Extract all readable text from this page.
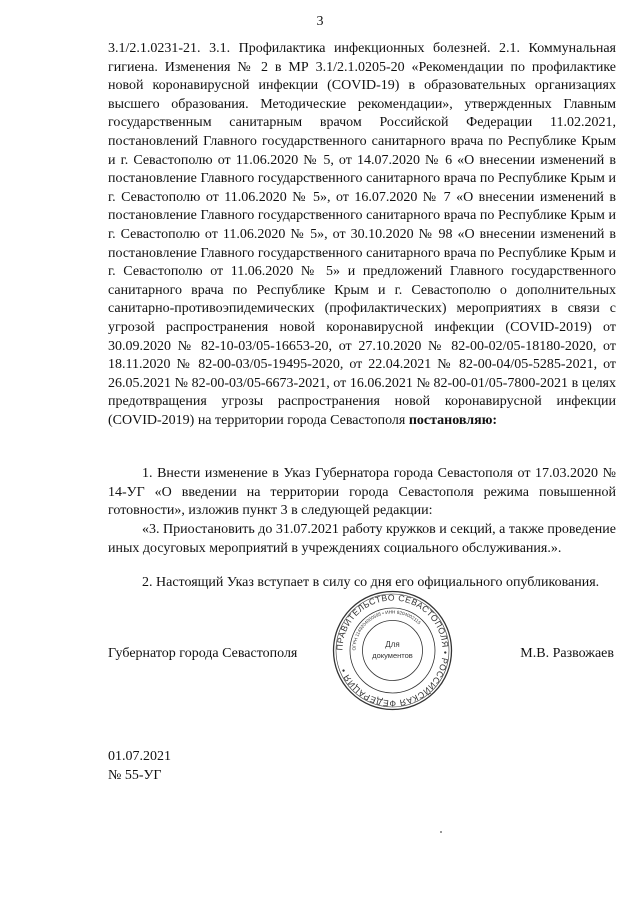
3
3.1/2.1.0231-21. 3.1. Профилактика инфекционных болезней. 2.1. Коммунальная гигиена. Изменения № 2 в МР 3.1/2.1.0205-20 «Рекомендации по профилактике новой коронавирусной инфекции (COVID-19) в образовательных организациях высшего образования. Методические рекомендации», утвержденных Главным государственным санитарным врачом Российской Федерации 11.02.2021, постановлений Главного государственного санитарного врача по Республике Крым и г. Севастополю от 11.06.2020 № 5, от 14.07.2020 № 6 «О внесении изменений в постановление Главного государственного санитарного врача по Республике Крым и г. Севастополю от 11.06.2020 № 5», от 16.07.2020 № 7 «О внесении изменений в постановление Главного государственного санитарного врача по Республике Крым и г. Севастополю от 11.06.2020 № 5», от 30.10.2020 № 98 «О внесении изменений в постановление Главного государственного санитарного врача по Республике Крым и г. Севастополю от 11.06.2020 № 5» и предложений Главного государственного санитарного врача по Республике Крым и г. Севастополю о дополнительных санитарно-противоэпидемических (профилактических) мероприятиях в связи с угрозой распространения новой коронавирусной инфекции (COVID-2019) от 30.09.2020 № 82-10-03/05-16653-20, от 27.10.2020 № 82-00-02/05-18180-2020, от 18.11.2020 № 82-00-03/05-19495-2020, от 22.04.2021 № 82-00-04/05-5285-2021, от 26.05.2021 № 82-00-03/05-6673-2021, от 16.06.2021 № 82-00-01/05-7800-2021 в целях предотвращения угрозы распространения новой коронавирусной инфекции (COVID-2019) на территории города Севастополя постановляю:
1. Внести изменение в Указ Губернатора города Севастополя от 17.03.2020 № 14-УГ «О введении на территории города Севастополя режима повышенной готовности», изложив пункт 3 в следующей редакции:
«3. Приостановить до 31.07.2021 работу кружков и секций, а также проведение иных досуговых мероприятий в учреждениях социального обслуживания.».
2. Настоящий Указ вступает в силу со дня его официального опубликования.
Губернатор города Севастополя	М.В. Развожаев
ПРАВИТЕЛЬСТВО СЕВАСТОПОЛЯ • РОССИЙСКАЯ ФЕДЕРАЦИЯ •
ОГРН 1149204000595 • ИНН 9204002115
Для
документов
01.07.2021
№ 55-УГ
